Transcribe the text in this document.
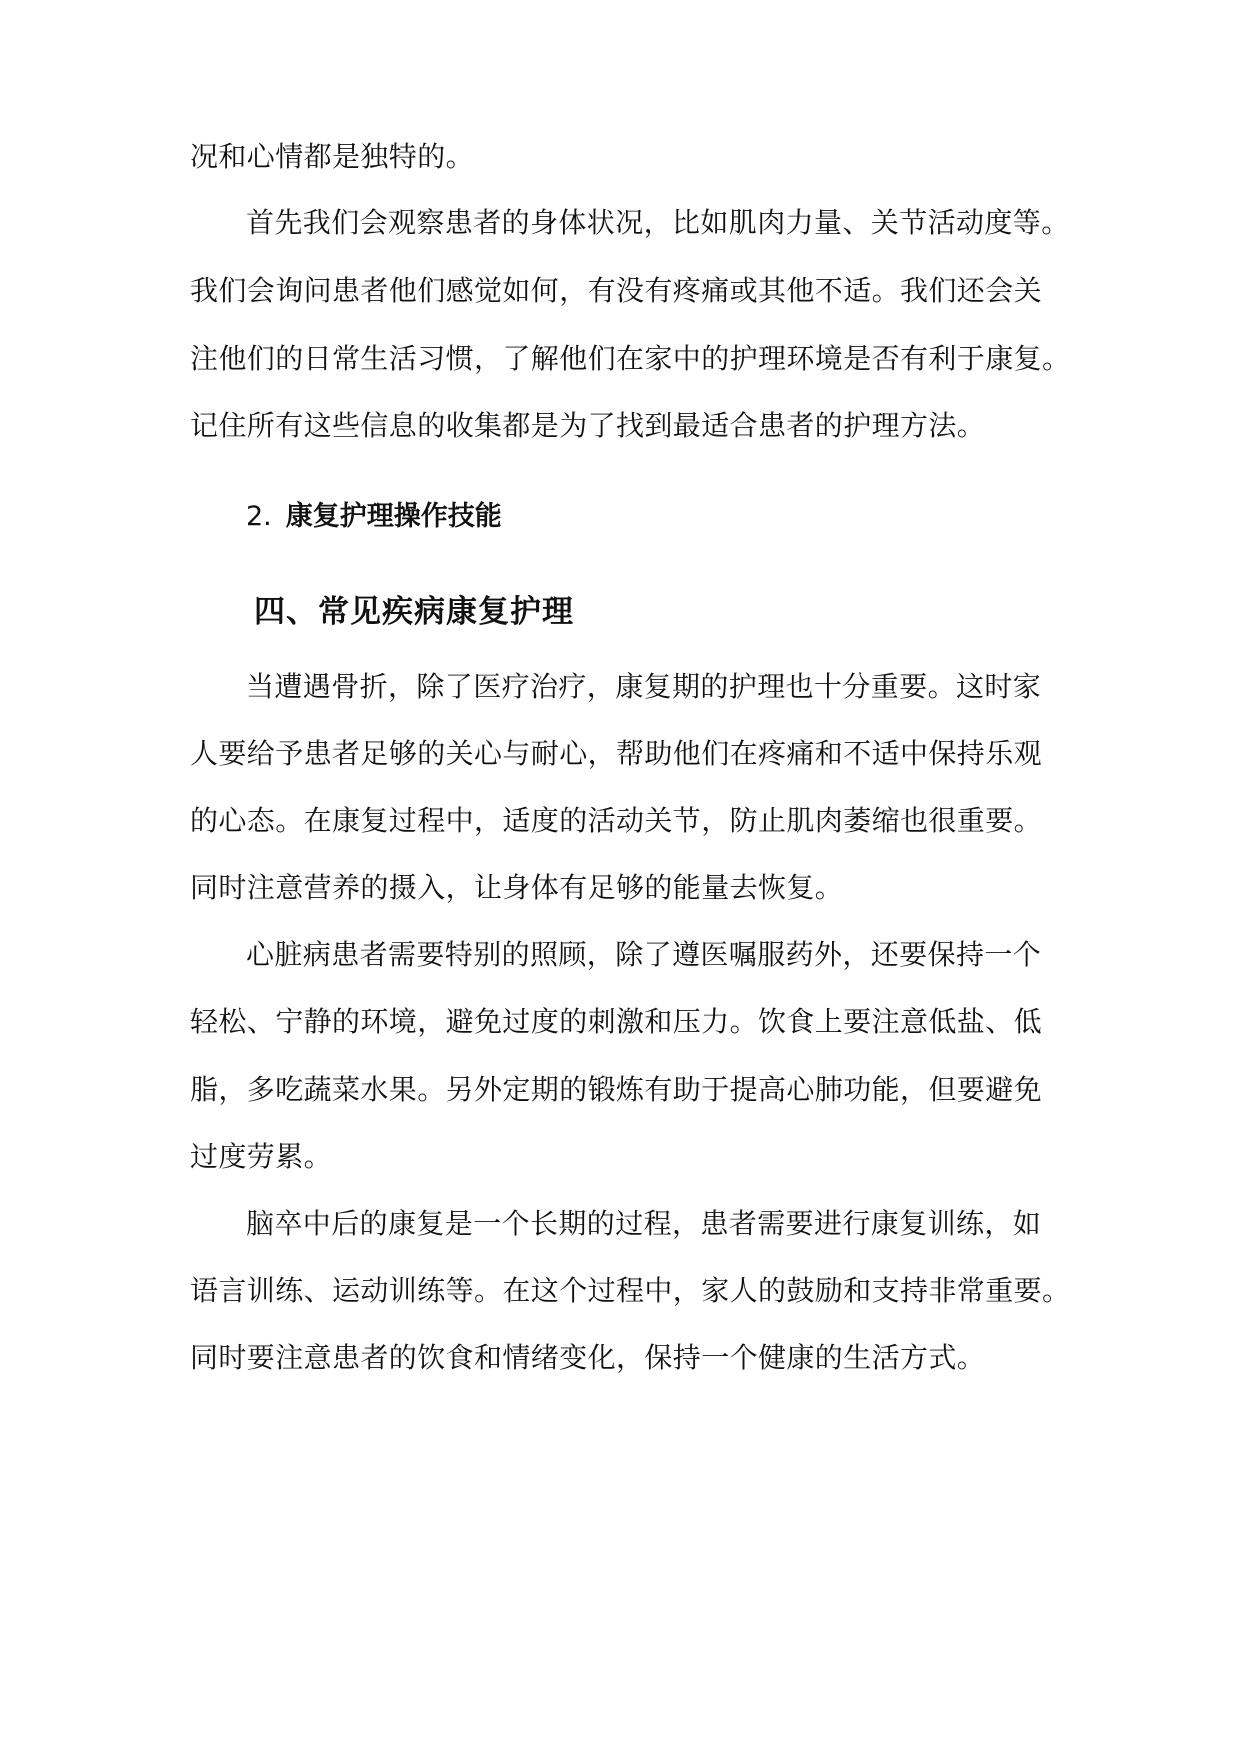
况和心情都是独特的。
首先我们会观察患者的身体状况，比如肌肉力量、关节活动度等。
我们会询问患者他们感觉如何，有没有疼痛或其他不适。我们还会关
注他们的日常生活习惯，了解他们在家中的护理环境是否有利于康复。
记住所有这些信息的收集都是为了找到最适合患者的护理方法。
2. 康复护理操作技能
四、常见疾病康复护理
当遭遇骨折，除了医疗治疗，康复期的护理也十分重要。这时家
人要给予患者足够的关心与耐心，帮助他们在疼痛和不适中保持乐观
的心态。在康复过程中，适度的活动关节，防止肌肉萎缩也很重要。
同时注意营养的摄入，让身体有足够的能量去恢复。
心脏病患者需要特别的照顾，除了遵医嘱服药外，还要保持一个
轻松、宁静的环境，避免过度的刺激和压力。饮食上要注意低盐、低
脂，多吃蔬菜水果。另外定期的锻炼有助于提高心肺功能，但要避免
过度劳累。
脑卒中后的康复是一个长期的过程，患者需要进行康复训练，如
语言训练、运动训练等。在这个过程中，家人的鼓励和支持非常重要。
同时要注意患者的饮食和情绪变化，保持一个健康的生活方式。
